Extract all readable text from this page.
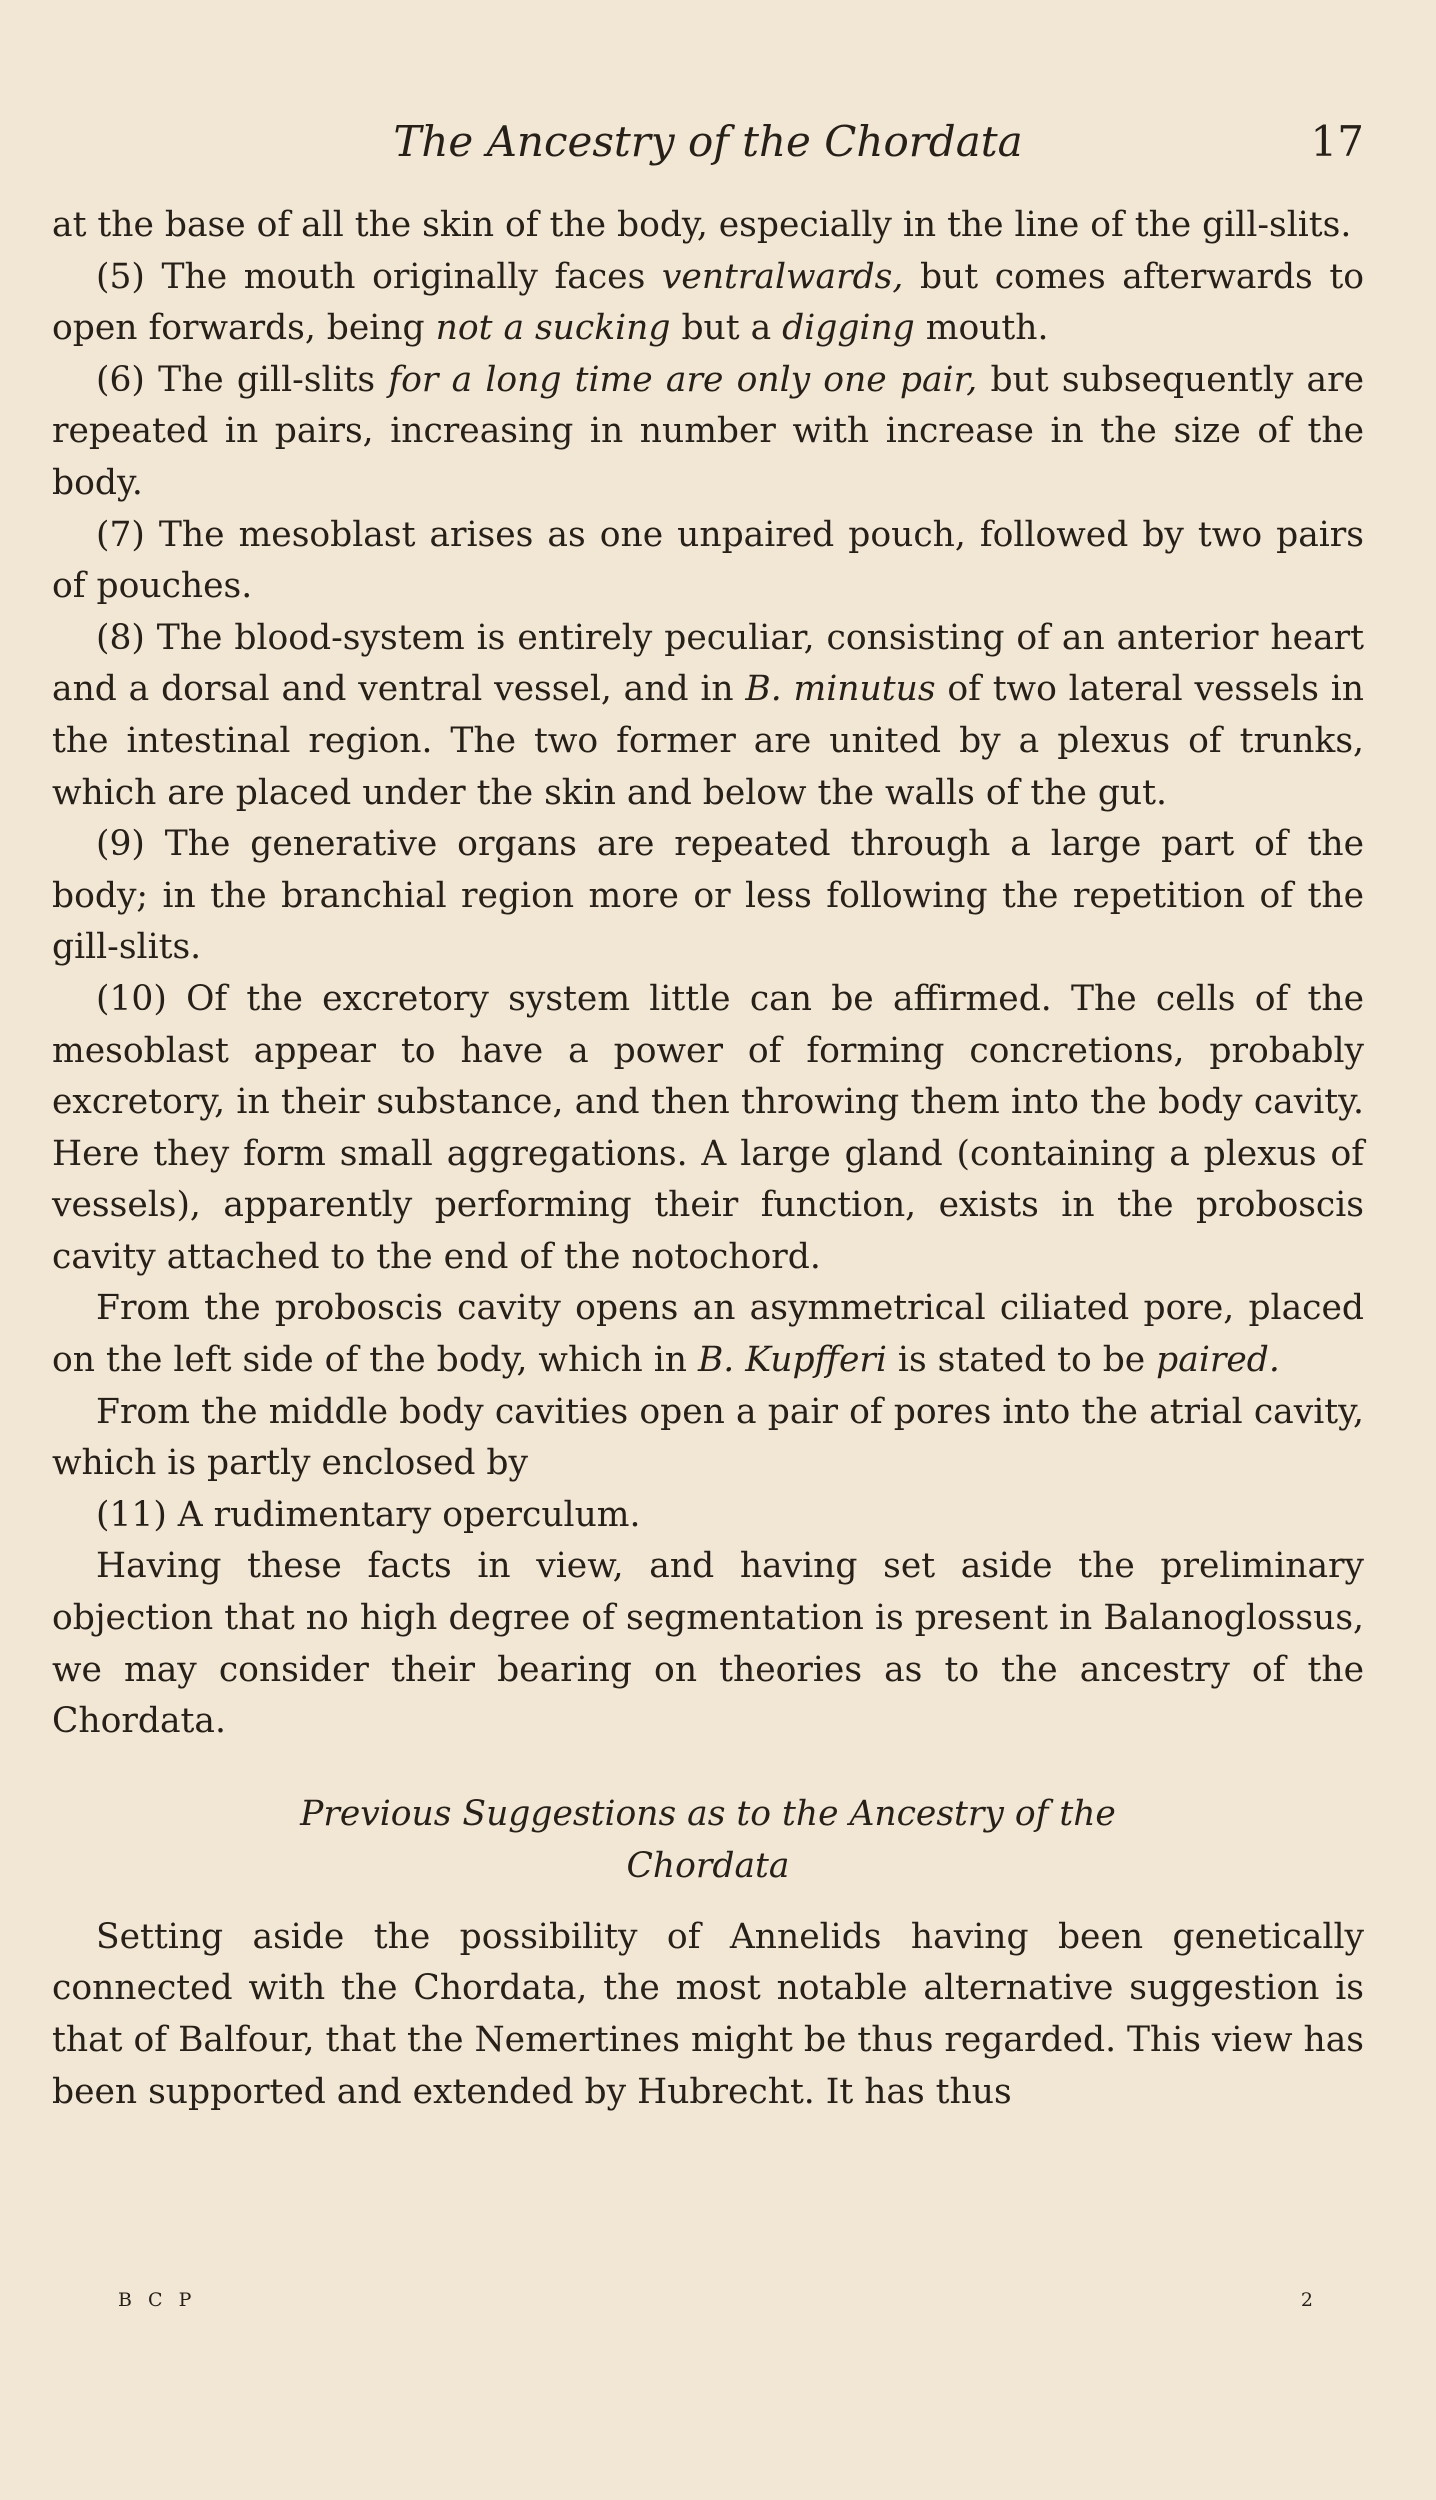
The Ancestry of the Chordata	17

at the base of all the skin of the body, especially in the line of the gill-slits.

(5) The mouth originally faces ventralwards, but comes afterwards to open forwards, being not a sucking but a digging mouth.

(6) The gill-slits for a long time are only one pair, but subsequently are repeated in pairs, increasing in number with increase in the size of the body.

(7) The mesoblast arises as one unpaired pouch, followed by two pairs of pouches.

(8) The blood-system is entirely peculiar, consisting of an anterior heart and a dorsal and ventral vessel, and in B. minutus of two lateral vessels in the intestinal region. The two former are united by a plexus of trunks, which are placed under the skin and below the walls of the gut.

(9) The generative organs are repeated through a large part of the body; in the branchial region more or less following the repetition of the gill-slits.

(10) Of the excretory system little can be affirmed. The cells of the mesoblast appear to have a power of forming concretions, probably excretory, in their substance, and then throwing them into the body cavity. Here they form small aggregations. A large gland (containing a plexus of vessels), apparently performing their function, exists in the proboscis cavity attached to the end of the notochord.

From the proboscis cavity opens an asymmetrical ciliated pore, placed on the left side of the body, which in B. Kupfferi is stated to be paired.

From the middle body cavities open a pair of pores into the atrial cavity, which is partly enclosed by

(11) A rudimentary operculum.

Having these facts in view, and having set aside the preliminary objection that no high degree of segmentation is present in Balanoglossus, we may consider their bearing on theories as to the ancestry of the Chordata.

Previous Suggestions as to the Ancestry of the
Chordata

Setting aside the possibility of Annelids having been genetically connected with the Chordata, the most notable alternative suggestion is that of Balfour, that the Nemertines might be thus regarded. This view has been supported and extended by Hubrecht. It has thus

B C P	2
